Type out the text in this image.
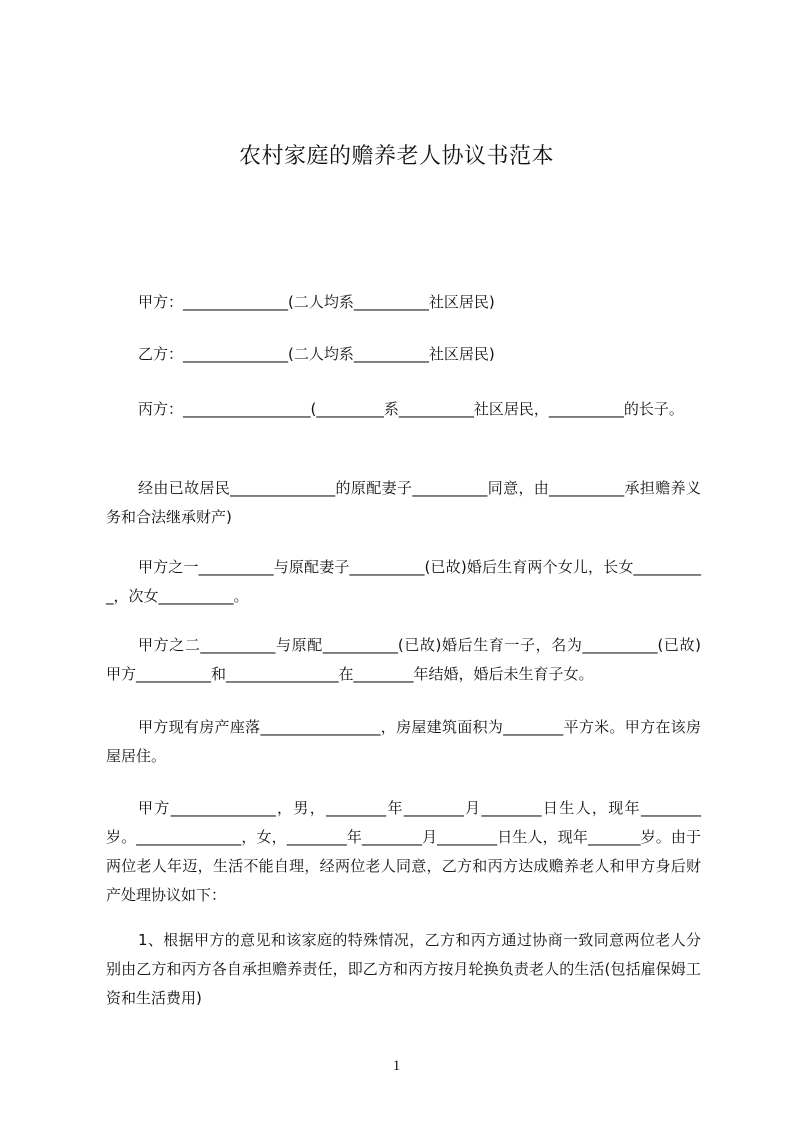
农村家庭的赡养老人协议书范本
甲方：______________(二人均系__________社区居民)
乙方：______________(二人均系__________社区居民)
丙方：_________________(_________系__________社区居民，__________的长子。
经由已故居民______________的原配妻子__________同意，由__________承担赡养义务和合法继承财产)
甲方之一__________与原配妻子__________(已故)婚后生育两个女儿，长女__________，次女__________。
甲方之二__________与原配__________(已故)婚后生育一子，名为__________(已故)甲方__________和_______________在________年结婚，婚后未生育子女。
甲方现有房产座落________________，房屋建筑面积为________平方米。甲方在该房屋居住。
甲方______________，男，________年________月________日生人，现年________岁。______________，女，________年________月________日生人，现年_______岁。由于两位老人年迈，生活不能自理，经两位老人同意，乙方和丙方达成赡养老人和甲方身后财产处理协议如下：
1、根据甲方的意见和该家庭的特殊情况，乙方和丙方通过协商一致同意两位老人分别由乙方和丙方各自承担赡养责任，即乙方和丙方按月轮换负责老人的生活(包括雇保姆工资和生活费用)
1
